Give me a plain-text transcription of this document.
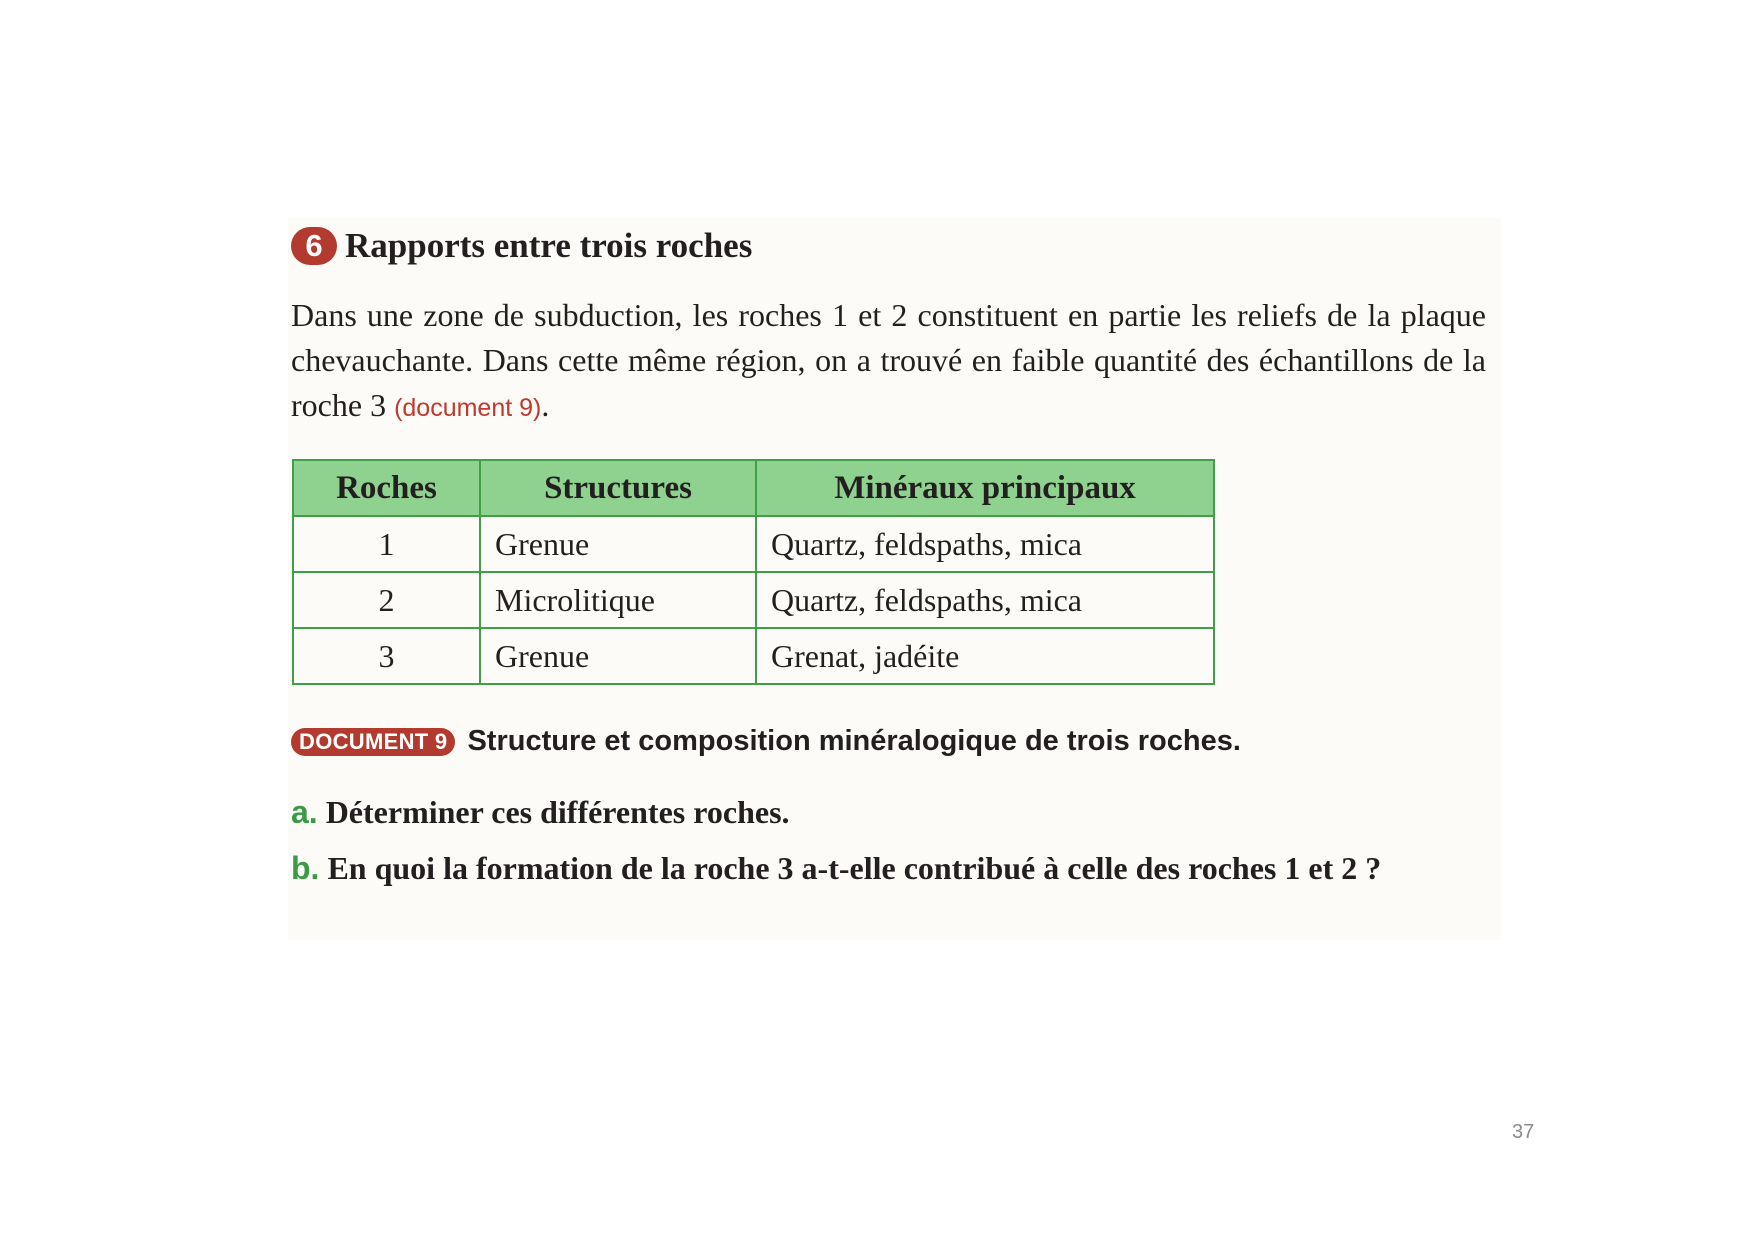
6 Rapports entre trois roches

Dans une zone de subduction, les roches 1 et 2 constituent en partie les reliefs de la plaque chevauchante. Dans cette même région, on a trouvé en faible quantité des échantillons de la roche 3 (document 9).

Roches	Structures	Minéraux principaux
1	Grenue	Quartz, feldspaths, mica
2	Microlitique	Quartz, feldspaths, mica
3	Grenue	Grenat, jadéite
DOCUMENT 9 Structure et composition minéralogique de trois roches.

a. Déterminer ces différentes roches.

b. En quoi la formation de la roche 3 a-t-elle contribué à celle des roches 1 et 2 ?

37
